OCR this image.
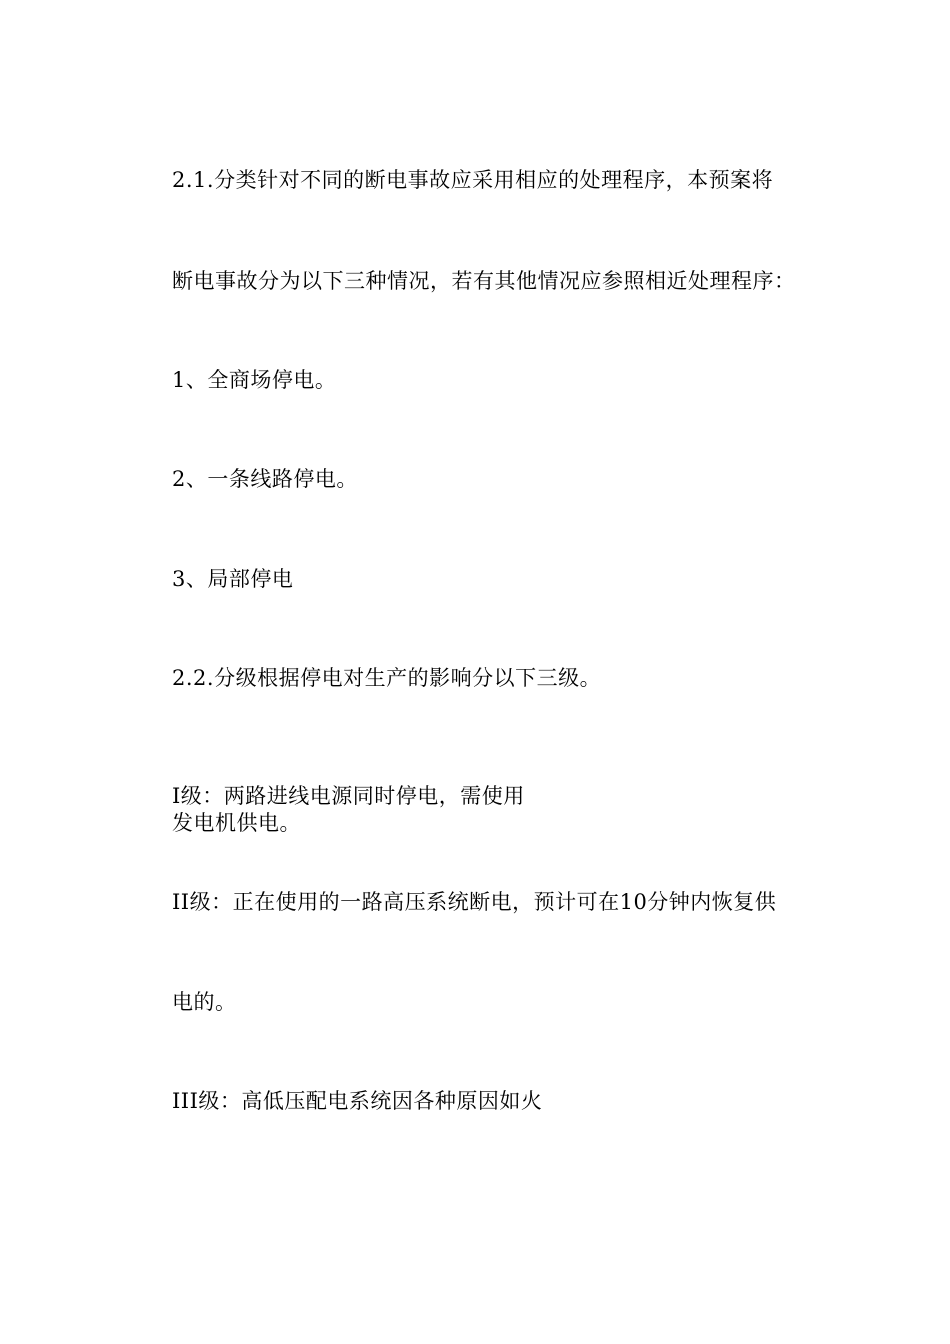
2.1.分类针对不同的断电事故应采用相应的处理程序，本预案将
断电事故分为以下三种情况，若有其他情况应参照相近处理程序：
1、全商场停电。
2、一条线路停电。
3、局部停电
2.2.分级根据停电对生产的影响分以下三级。
I级：两路进线电源同时停电，需使用
发电机供电。
II级：正在使用的一路高压系统断电，预计可在10分钟内恢复供
电的。
III级：高低压配电系统因各种原因如火
